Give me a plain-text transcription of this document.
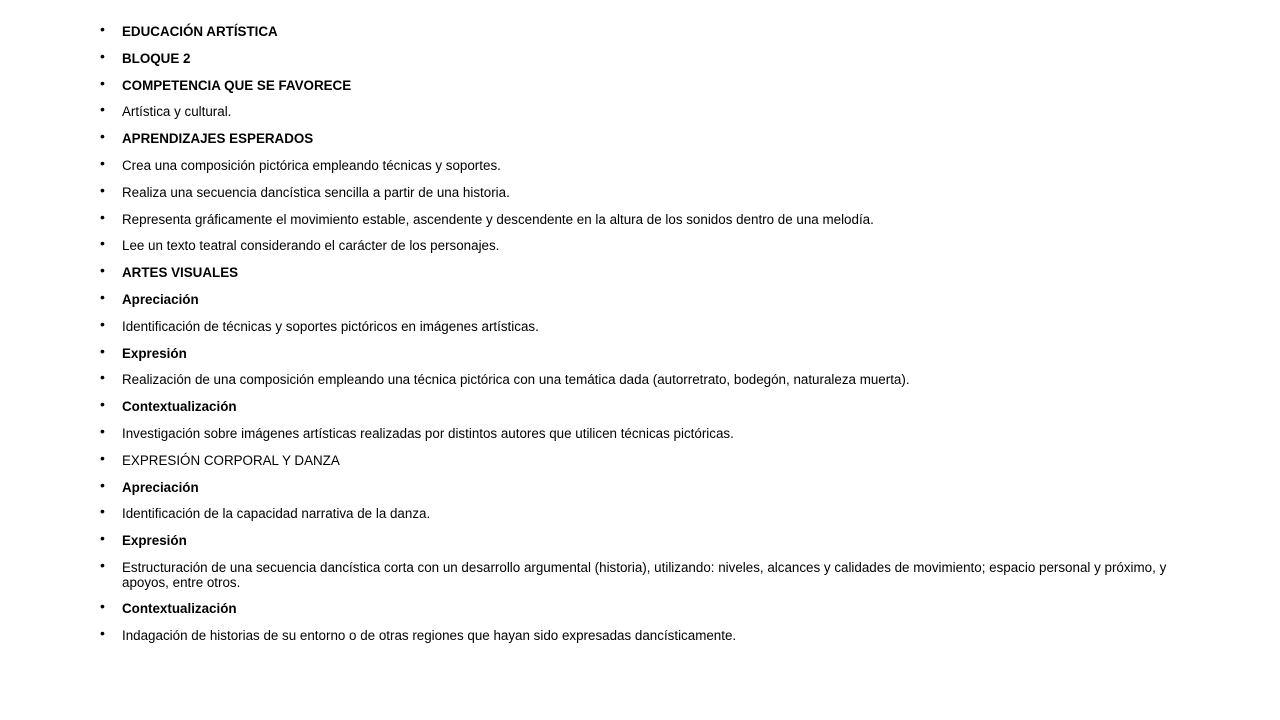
• EDUCACIÓN ARTÍSTICA
• BLOQUE 2
• COMPETENCIA QUE SE FAVORECE
• Artística y cultural.
• APRENDIZAJES ESPERADOS
• Crea una composición pictórica empleando técnicas y soportes.
• Realiza una secuencia dancística sencilla a partir de una historia.
• Representa gráficamente el movimiento estable, ascendente y descendente en la altura de los sonidos dentro de una melodía.
• Lee un texto teatral considerando el carácter de los personajes.
• ARTES VISUALES
• Apreciación
• Identificación de técnicas y soportes pictóricos en imágenes artísticas.
• Expresión
• Realización de una composición empleando una técnica pictórica con una temática dada (autorretrato, bodegón, naturaleza muerta).
• Contextualización
• Investigación sobre imágenes artísticas realizadas por distintos autores que utilicen técnicas pictóricas.
• EXPRESIÓN CORPORAL Y DANZA
• Apreciación
• Identificación de la capacidad narrativa de la danza.
• Expresión
• Estructuración de una secuencia dancística corta con un desarrollo argumental (historia), utilizando: niveles, alcances y calidades de movimiento; espacio personal y próximo, y apoyos, entre otros.
• Contextualización
• Indagación de historias de su entorno o de otras regiones que hayan sido expresadas dancísticamente.
